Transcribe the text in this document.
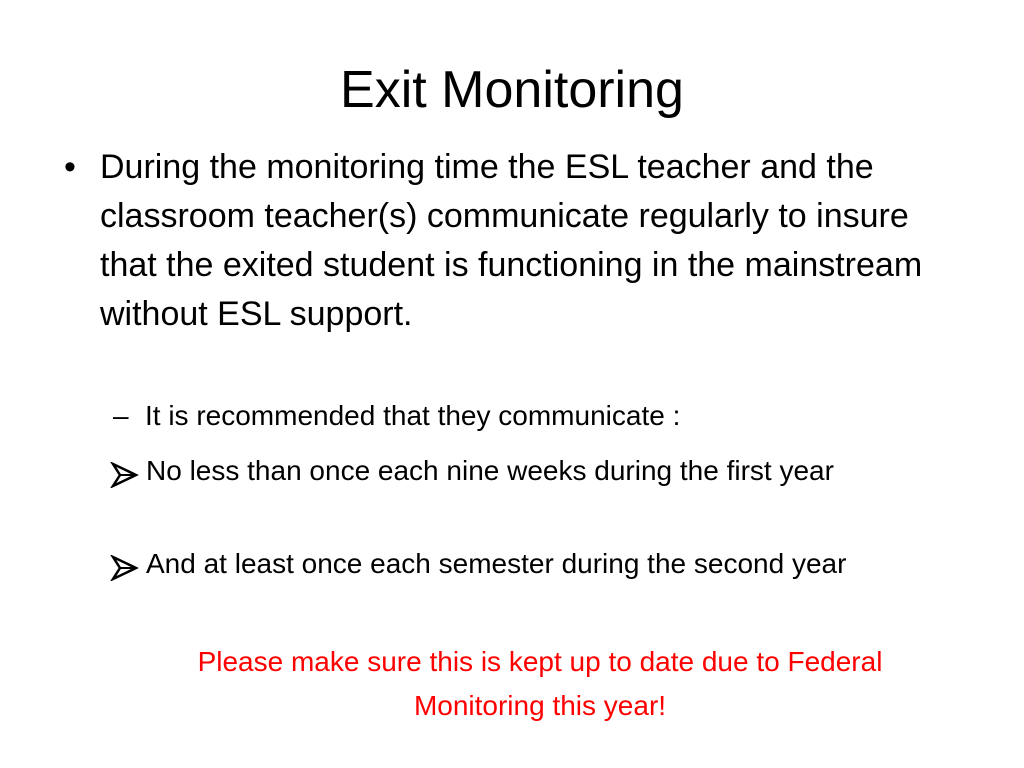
Exit Monitoring
• During the monitoring time the ESL teacher and the classroom teacher(s) communicate regularly to insure that the exited student is functioning in the mainstream without ESL support.
– It is recommended that they communicate :
No less than once each nine weeks during the first year
And at least once each semester during the second year
Please make sure this is kept up to date due to Federal Monitoring this year!
